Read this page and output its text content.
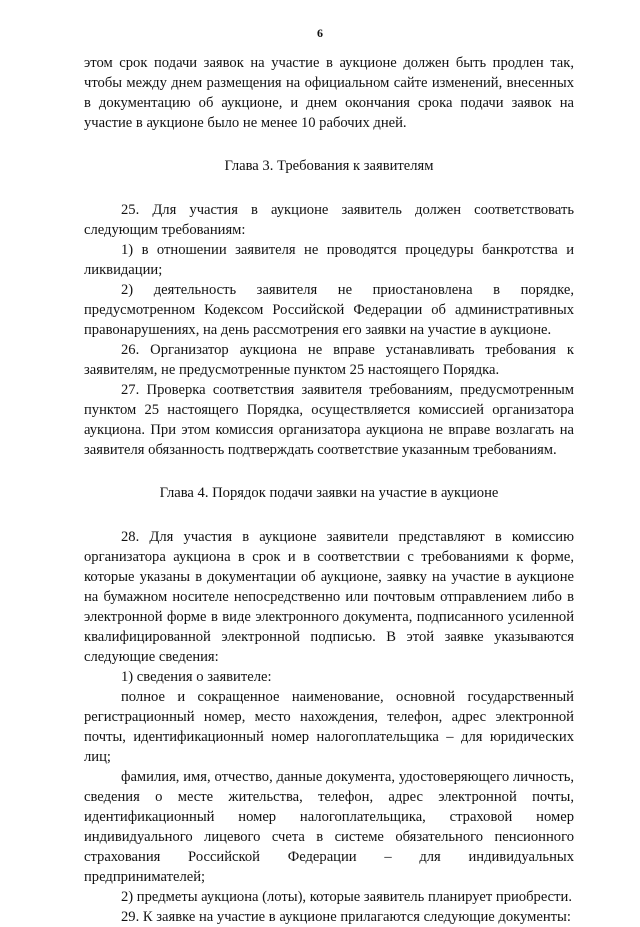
6

этом срок подачи заявок на участие в аукционе должен быть продлен так, чтобы между днем размещения на официальном сайте изменений, внесенных в документацию об аукционе, и днем окончания срока подачи заявок на участие в аукционе было не менее 10 рабочих дней.

Глава 3. Требования к заявителям

25. Для участия в аукционе заявитель должен соответствовать следующим требованиям:

1) в отношении заявителя не проводятся процедуры банкротства и ликвидации;

2) деятельность заявителя не приостановлена в порядке, предусмотренном Кодексом Российской Федерации об административных правонарушениях, на день рассмотрения его заявки на участие в аукционе.

26. Организатор аукциона не вправе устанавливать требования к заявителям, не предусмотренные пунктом 25 настоящего Порядка.

27. Проверка соответствия заявителя требованиям, предусмотренным пунктом 25 настоящего Порядка, осуществляется комиссией организатора аукциона. При этом комиссия организатора аукциона не вправе возлагать на заявителя обязанность подтверждать соответствие указанным требованиям.

Глава 4. Порядок подачи заявки на участие в аукционе

28. Для участия в аукционе заявители представляют в комиссию организатора аукциона в срок и в соответствии с требованиями к форме, которые указаны в документации об аукционе, заявку на участие в аукционе на бумажном носителе непосредственно или почтовым отправлением либо в электронной форме в виде электронного документа, подписанного усиленной квалифицированной электронной подписью. В этой заявке указываются следующие сведения:

1) сведения о заявителе:

полное и сокращенное наименование, основной государственный регистрационный номер, место нахождения, телефон, адрес электронной почты, идентификационный номер налогоплательщика – для юридических лиц;

фамилия, имя, отчество, данные документа, удостоверяющего личность, сведения о месте жительства, телефон, адрес электронной почты, идентификационный номер налогоплательщика, страховой номер индивидуального лицевого счета в системе обязательного пенсионного страхования Российской Федерации – для индивидуальных предпринимателей;

2) предметы аукциона (лоты), которые заявитель планирует приобрести.

29. К заявке на участие в аукционе прилагаются следующие документы:
